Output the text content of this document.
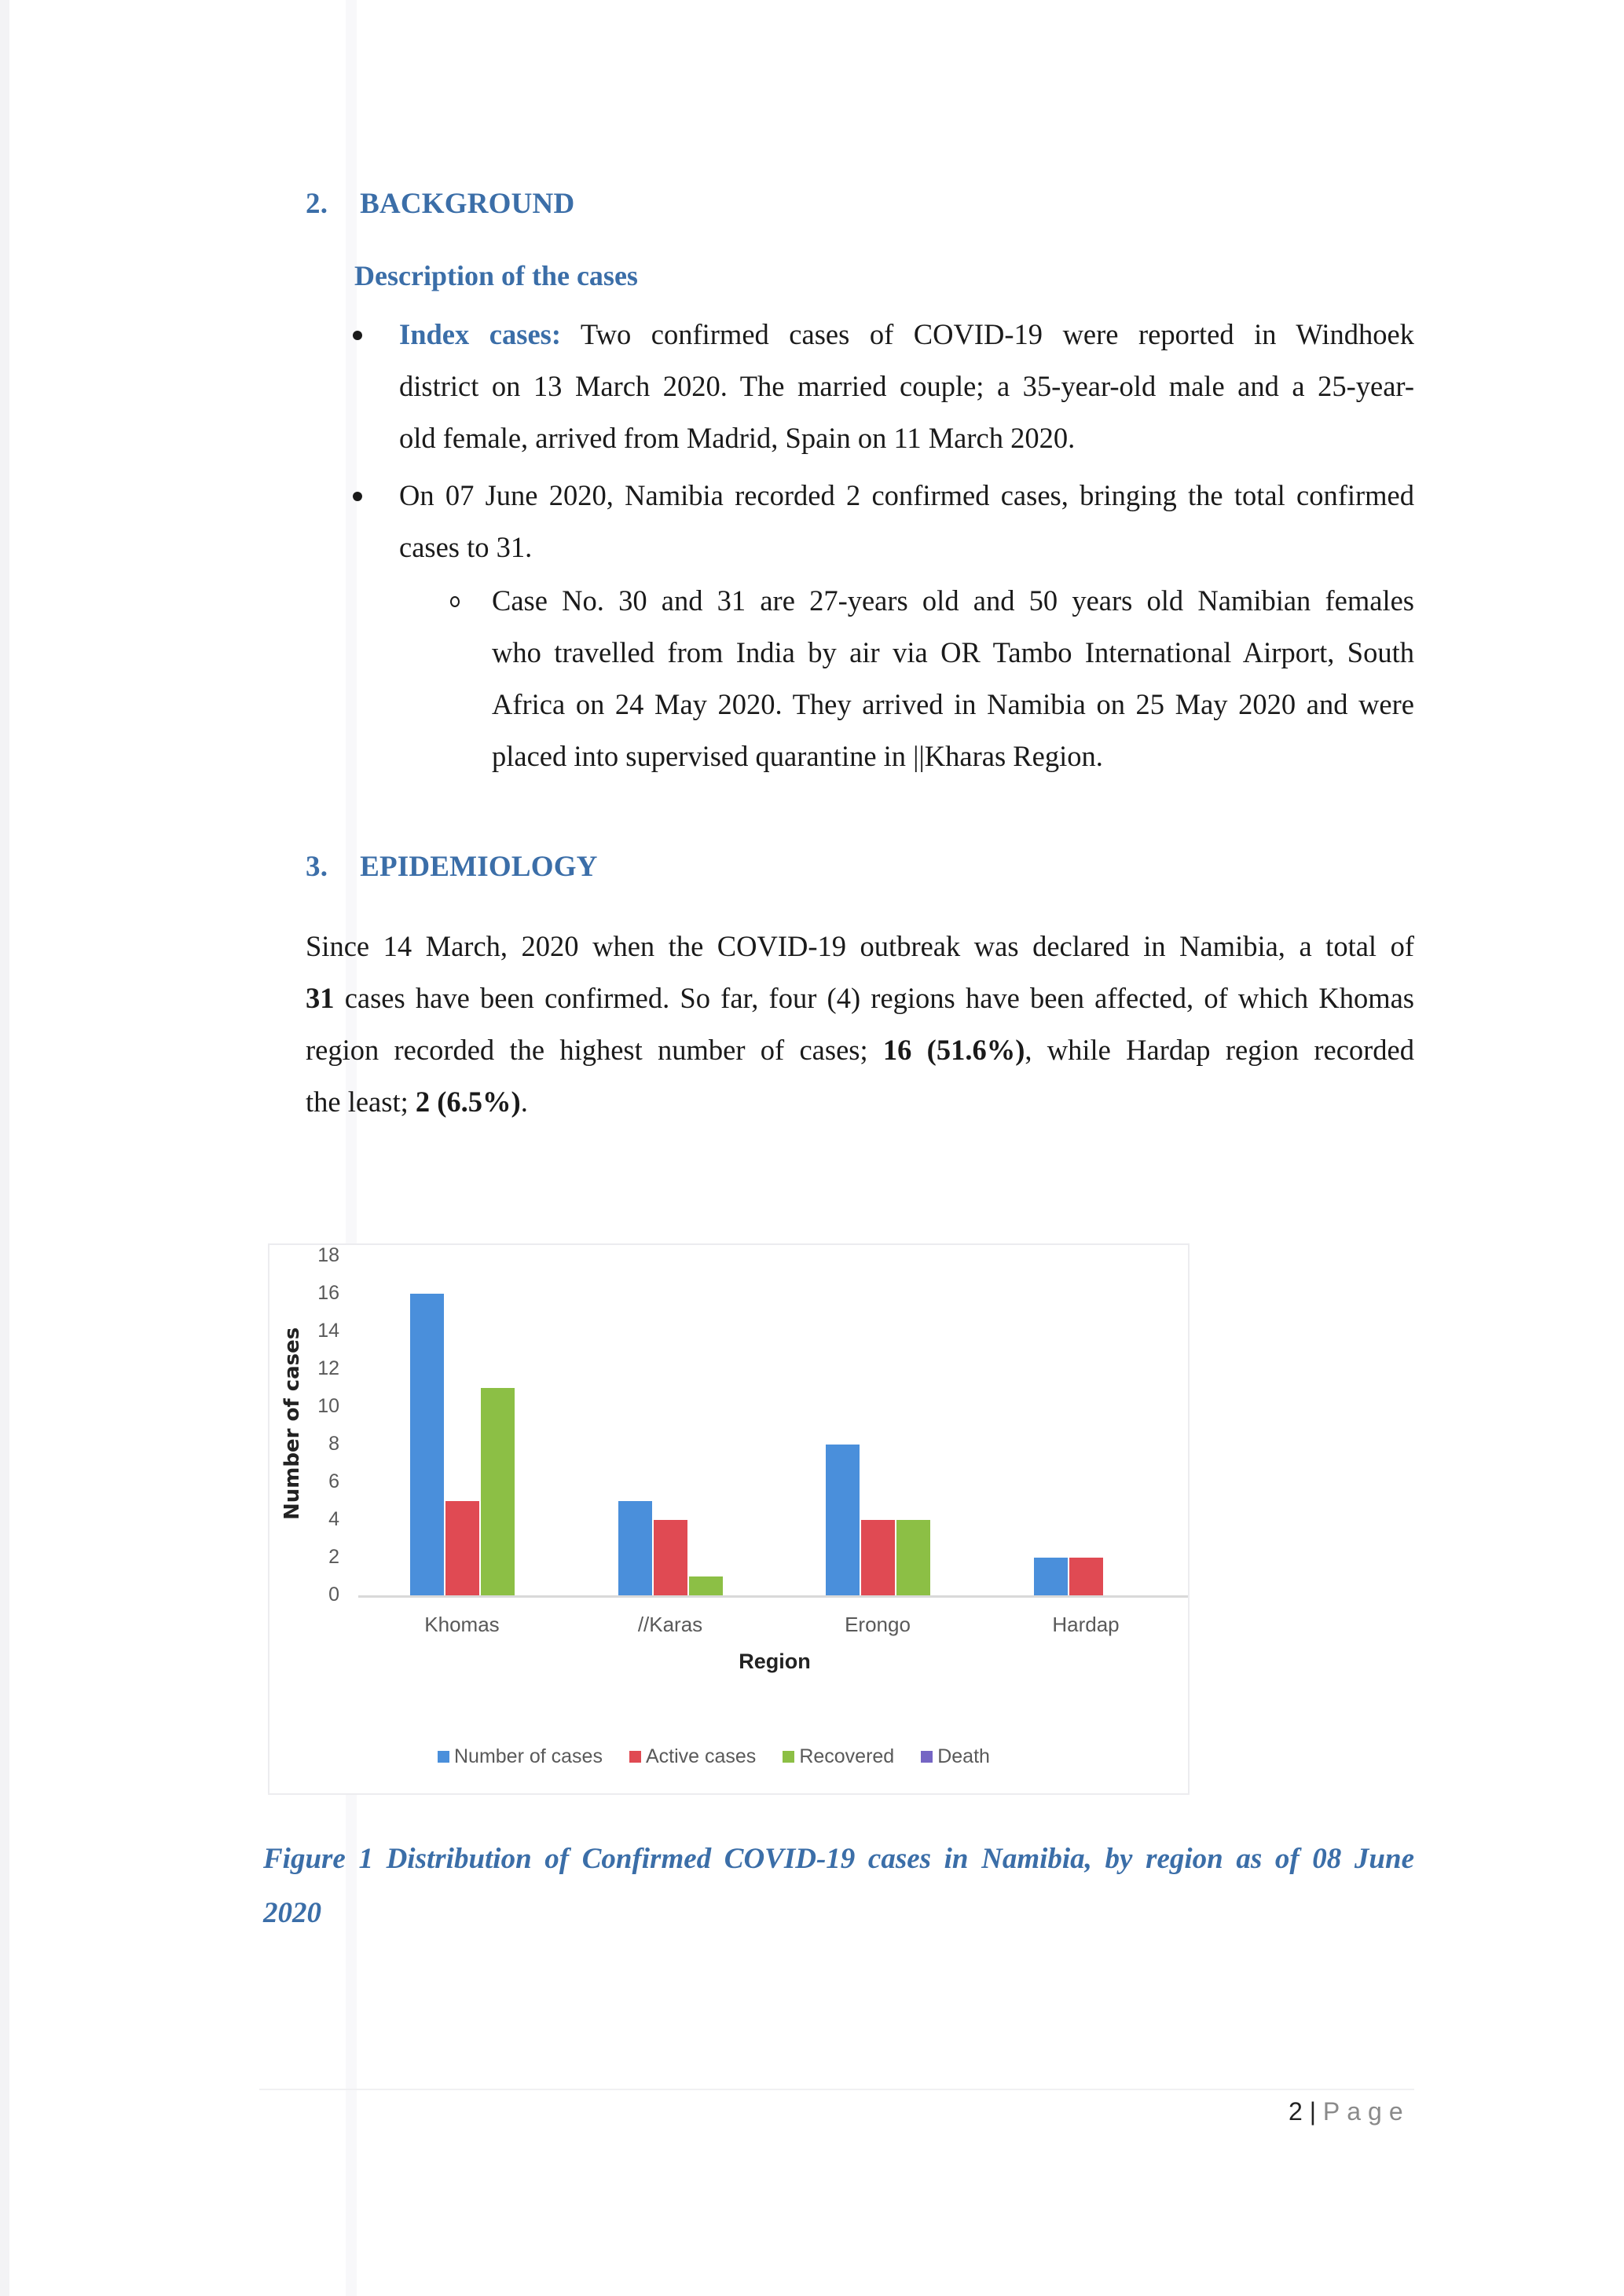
2. BACKGROUND
Description of the cases
Index cases: Two confirmed cases of COVID-19 were reported in Windhoek
district on 13 March 2020. The married couple; a 35-year-old male and a 25-year-
old female, arrived from Madrid, Spain on 11 March 2020.
On 07 June 2020, Namibia recorded 2 confirmed cases, bringing the total confirmed
cases to 31.
Case No. 30 and 31 are 27-years old and 50 years old Namibian females
who travelled from India by air via OR Tambo International Airport, South
Africa on 24 May 2020. They arrived in Namibia on 25 May 2020 and were
placed into supervised quarantine in ||Kharas Region.
3. EPIDEMIOLOGY
Since 14 March, 2020 when the COVID-19 outbreak was declared in Namibia, a total of
31 cases have been confirmed. So far, four (4) regions have been affected, of which Khomas
region recorded the highest number of cases; 16 (51.6%), while Hardap region recorded
the least; 2 (6.5%).
0
2
4
6
8
10
12
14
16
18
Khomas	//Karas	Erongo	Hardap
Number of cases
Region
Number of cases Active cases Recovered Death
Figure 1 Distribution of Confirmed COVID-19 cases in Namibia, by region as of 08 June
2020
2 | Page
